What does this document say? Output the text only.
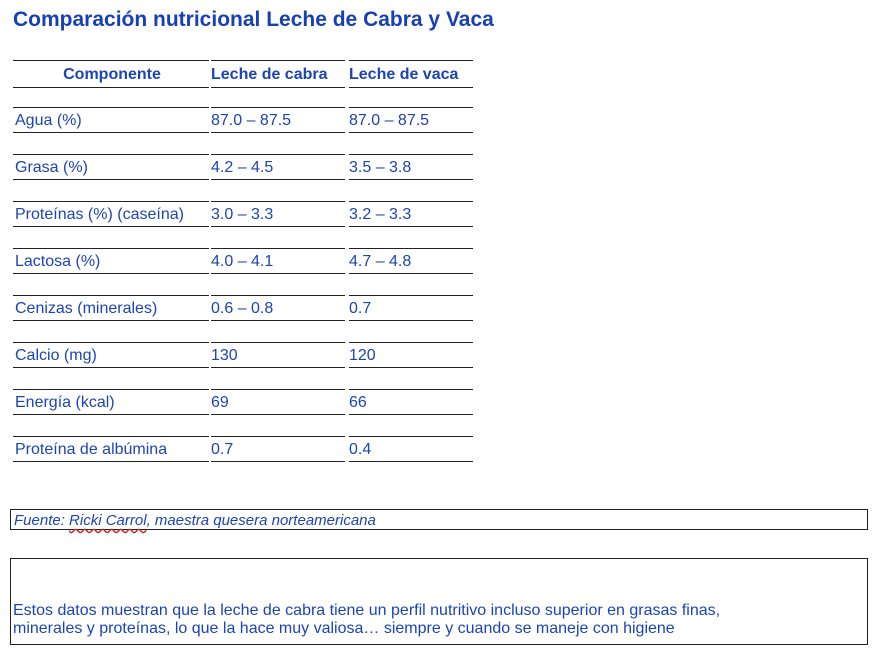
Comparación nutricional Leche de Cabra y Vaca
Componente	Leche de cabra	Leche de vaca
Agua (%)	87.0 – 87.5	87.0 – 87.5
Grasa (%)	4.2 – 4.5	3.5 – 3.8
Proteínas (%) (caseína)	3.0 – 3.3	3.2 – 3.3
Lactosa (%)	4.0 – 4.1	4.7 – 4.8
Cenizas (minerales)	0.6 – 0.8	0.7
Calcio (mg)	130	120
Energía (kcal)	69	66
Proteína de albúmina	0.7	0.4
Fuente: Ricki Carrol, maestra quesera norteamericana
Estos datos muestran que la leche de cabra tiene un perfil nutritivo incluso superior en grasas finas,
minerales y proteínas, lo que la hace muy valiosa… siempre y cuando se maneje con higiene
